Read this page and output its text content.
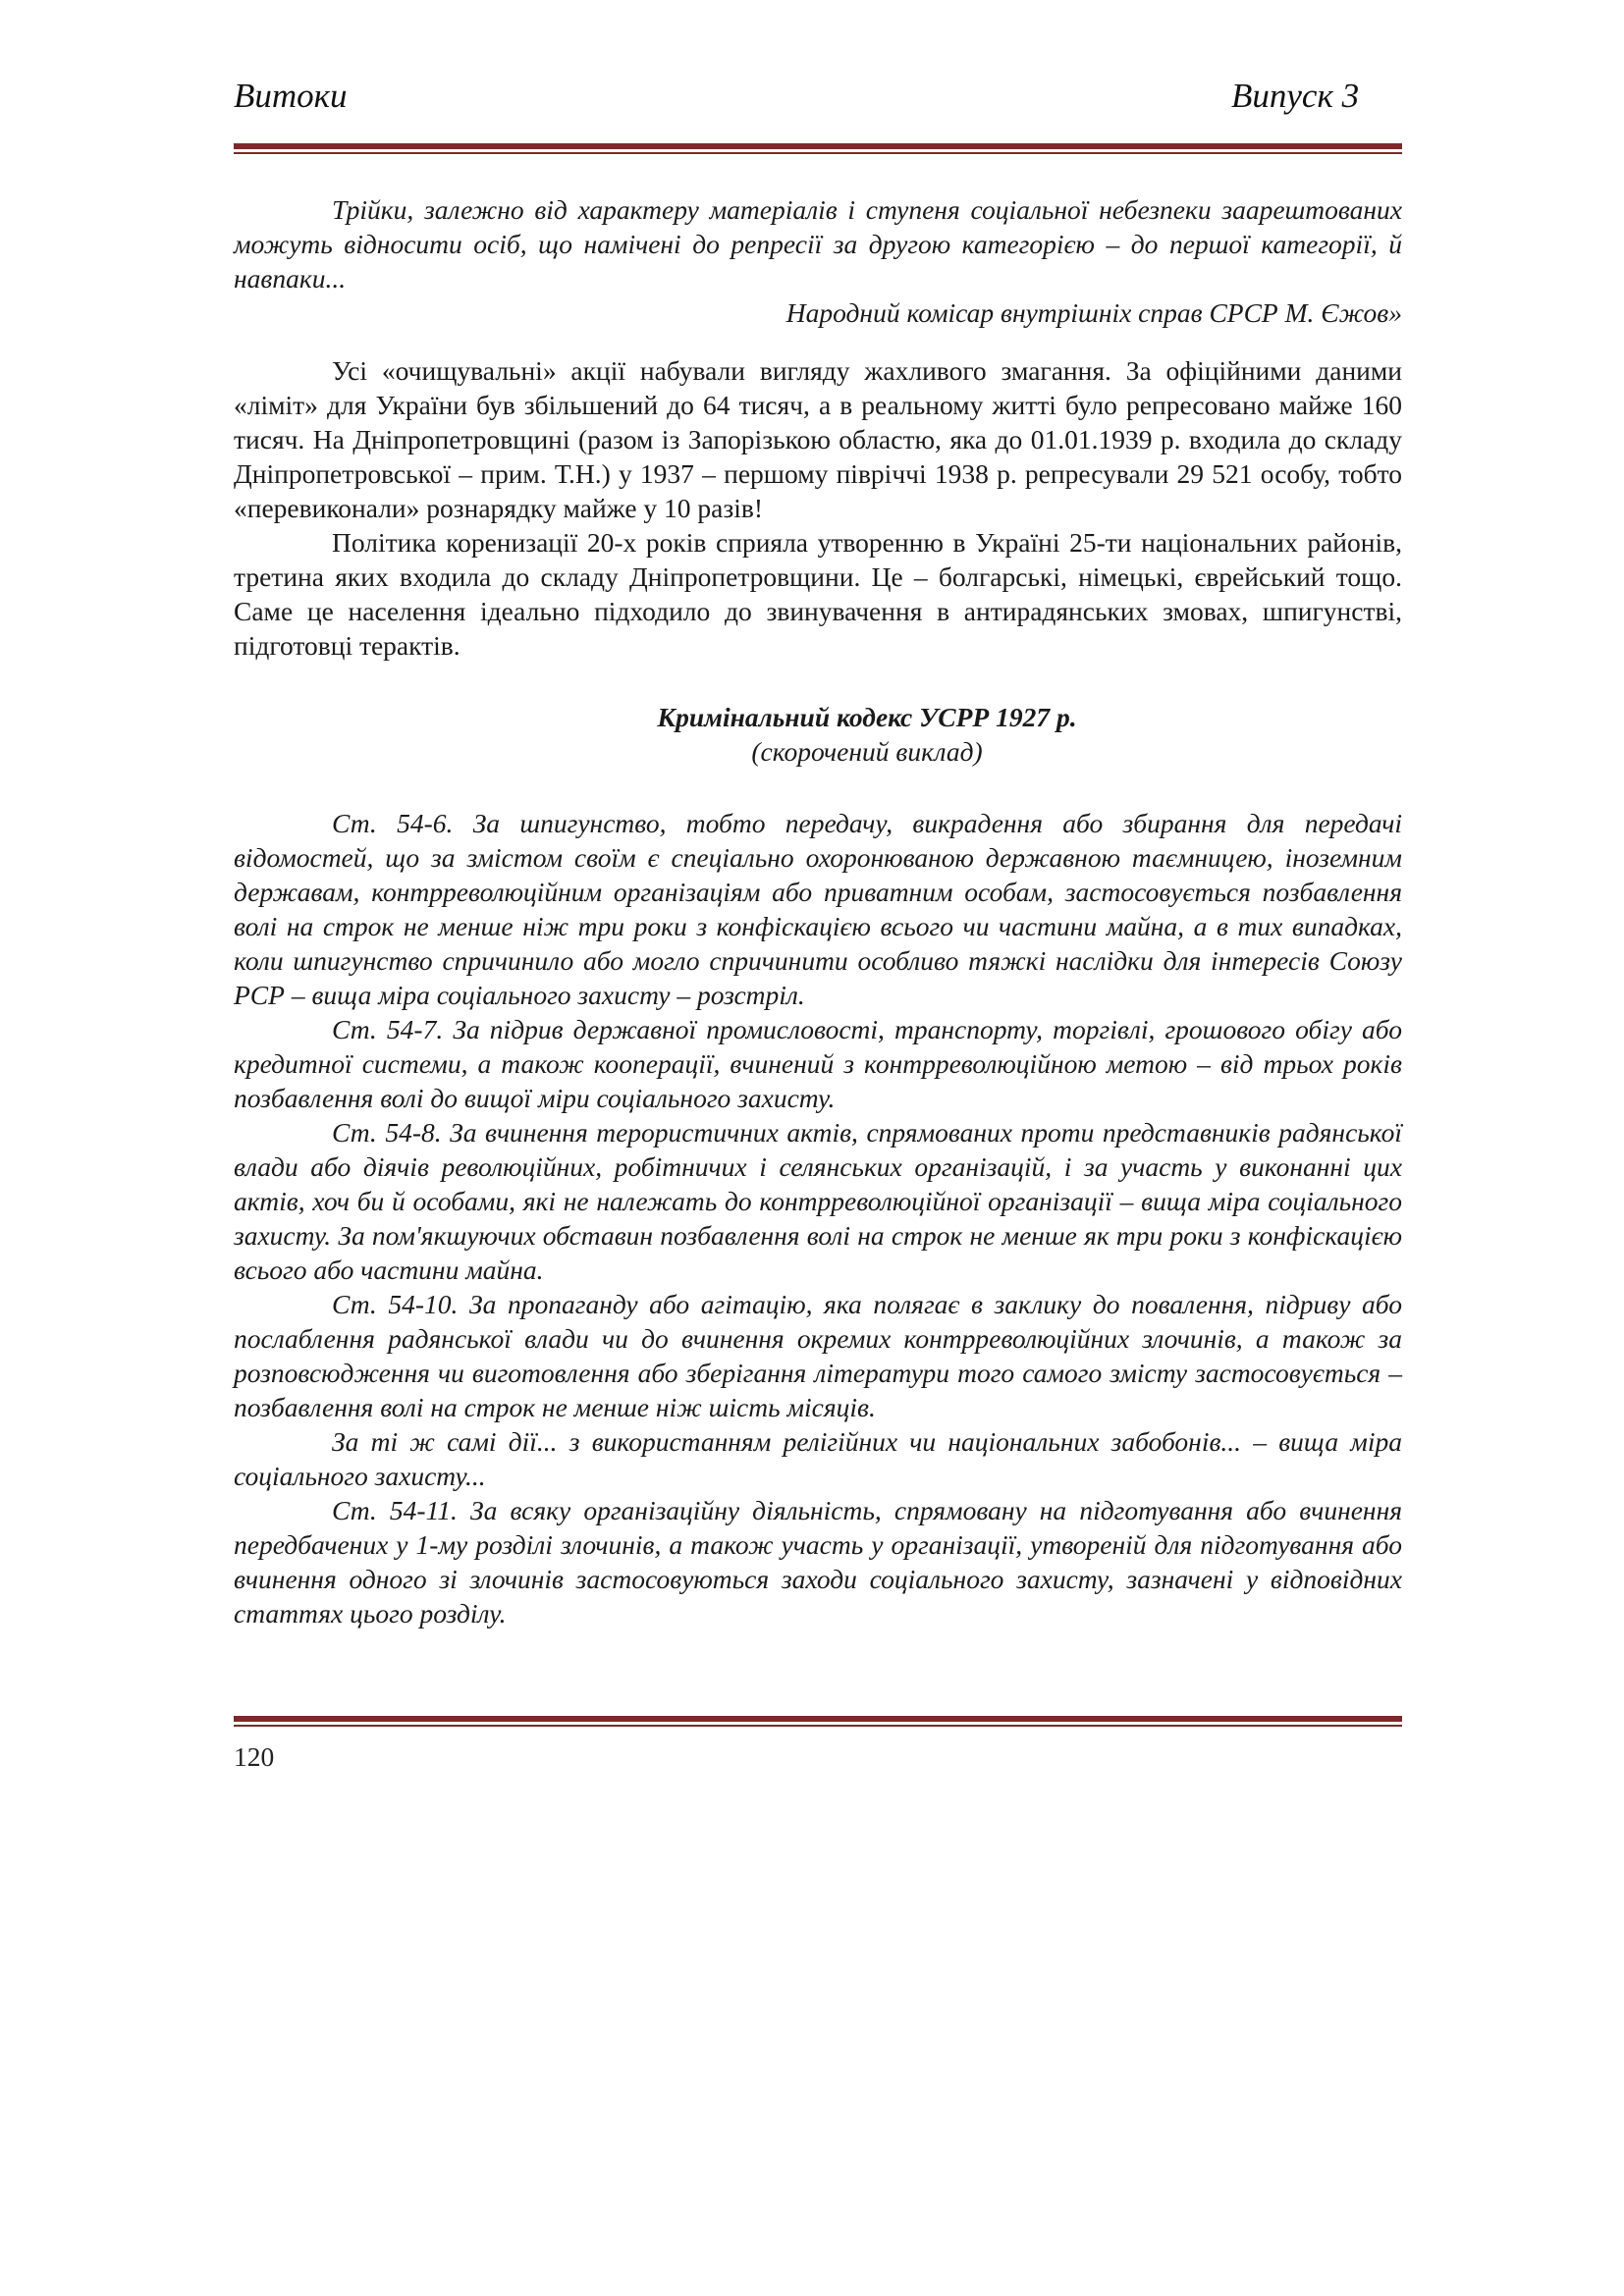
Витоки	Випуск 3

Трійки, залежно від характеру матеріалів і ступеня соціальної небезпеки заарештованих можуть відносити осіб, що намічені до репресії за другою категорією – до першої категорії, й навпаки...

Народний комісар внутрішніх справ СРСР М. Єжов»

Усі «очищувальні» акції набували вигляду жахливого змагання. За офіційними даними «ліміт» для України був збільшений до 64 тисяч, а в реальному житті було репресовано майже 160 тисяч. На Дніпропетровщині (разом із Запорізькою областю, яка до 01.01.1939 р. входила до складу Дніпропетровської – прим. Т.Н.) у 1937 – першому півріччі 1938 р. репресували 29 521 особу, тобто «перевиконали» рознарядку майже у 10 разів!

Політика коренизації 20-х років сприяла утворенню в Україні 25-ти національних районів, третина яких входила до складу Дніпропетровщини. Це – болгарські, німецькі, єврейський тощо. Саме це населення ідеально підходило до звинувачення в антирадянських змовах, шпигунстві, підготовці терактів.

Кримінальний кодекс УСРР 1927 р.

(скорочений виклад)

Ст. 54-6. За шпигунство, тобто передачу, викрадення або збирання для передачі відомостей, що за змістом своїм є спеціально охоронюваною державною таємницею, іноземним державам, контрреволюційним організаціям або приватним особам, застосовується позбавлення волі на строк не менше ніж три роки з конфіскацією всього чи частини майна, а в тих випадках, коли шпигунство спричинило або могло спричинити особливо тяжкі наслідки для інтересів Союзу РСР – вища міра соціального захисту – розстріл.

Ст. 54-7. За підрив державної промисловості, транспорту, торгівлі, грошового обігу або кредитної системи, а також кооперації, вчинений з контрреволюційною метою – від трьох років позбавлення волі до вищої міри соціального захисту.

Ст. 54-8. За вчинення терористичних актів, спрямованих проти представників радянської влади або діячів революційних, робітничих і селянських організацій, і за участь у виконанні цих актів, хоч би й особами, які не належать до контрреволюційної організації – вища міра соціального захисту. За пом'якшуючих обставин позбавлення волі на строк не менше як три роки з конфіскацією всього або частини майна.

Ст. 54-10. За пропаганду або агітацію, яка полягає в заклику до повалення, підриву або послаблення радянської влади чи до вчинення окремих контрреволюційних злочинів, а також за розповсюдження чи виготовлення або зберігання літератури того самого змісту застосовується – позбавлення волі на строк не менше ніж шість місяців.

За ті ж самі дії... з використанням релігійних чи національних забобонів... – вища міра соціального захисту...

Ст. 54-11. За всяку організаційну діяльність, спрямовану на підготування або вчинення передбачених у 1-му розділі злочинів, а також участь у організації, утвореній для підготування або вчинення одного зі злочинів застосовуються заходи соціального захисту, зазначені у відповідних статтях цього розділу.

120
